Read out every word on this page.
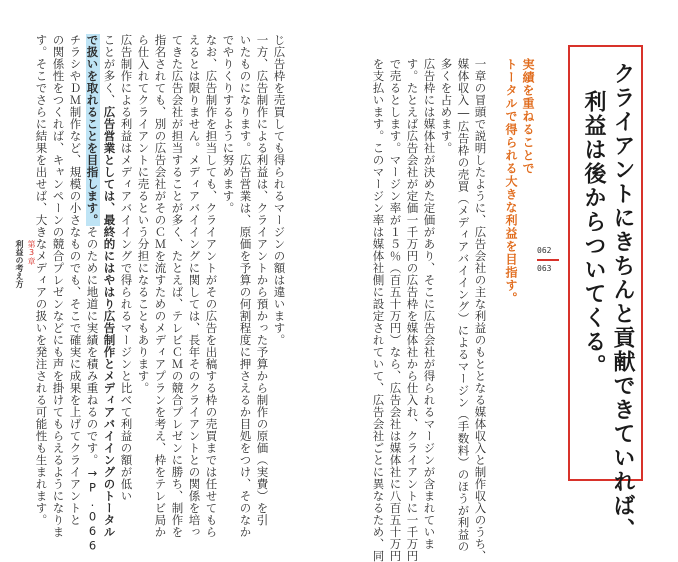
クライアントにきちんと貢献できていれば、
利益は後からついてくる。
062
063
実績を重ねることで
トータルで得られる大きな利益を目指す。
一章の冒頭で説明したように、広告会社の主な利益のもととなる媒体収入と制作収入のうち、
媒体収入―広告枠の売買（メディアバイイング）によるマージン（手数料）のほうが利益の
多くを占めます。
広告枠には媒体社が決めた定価があり、そこに広告会社が得られるマージンが含まれていま
す。たとえば広告会社が定価一千万円の広告枠を媒体社から仕入れ、クライアントに一千万円
で売るとします。マージン率が１５％（百五十万円）なら、広告会社は媒体社に八百五十万円
を支払います。このマージン率は媒体社側に設定されていて、広告会社ごとに異なるため、同
じ広告枠を売買しても得られるマージンの額は違います。
一方、広告制作による利益は、クライアントから預かった予算から制作の原価（実費）を引
いたものになります。広告営業は、原価を予算の何割程度に押さえるか目処をつけ、そのなか
でやりくりするように努めます。
なお、広告制作を担当しても、クライアントがその広告を出稿する枠の売買までは任せてもら
えるとは限りません。メディアバイイングに関しては、長年そのクライアントとの関係を培っ
てきた広告会社が担当することが多く、たとえば、テレビＣＭの競合プレゼンに勝ち、制作を
指名されても、別の広告会社がそのＣＭを流すためのメディアプランを考え、枠をテレビ局か
ら仕入れてクライアントに売るという分担になることもあります。
広告制作による利益はメディアバイイングで得られるマージンと比べて利益の額が低い
ことが多く、広告営業としては、最終的にはやはり広告制作とメディアバイイングのトータル
で扱いを取れることを目指します。そのために地道に実績を積み重ねるのです。→P.066
チラシやＤＭ制作など、規模の小さなものでも、そこで確実に成果を上げてクライアントと
の関係性をつくれば、キャンペーンの競合プレゼンなどにも声を掛けてもらえるようになりま
す。そこでさらに結果を出せば、大きなメディアの扱いを発注される可能性も生まれます。
第3章
利益の考え方
